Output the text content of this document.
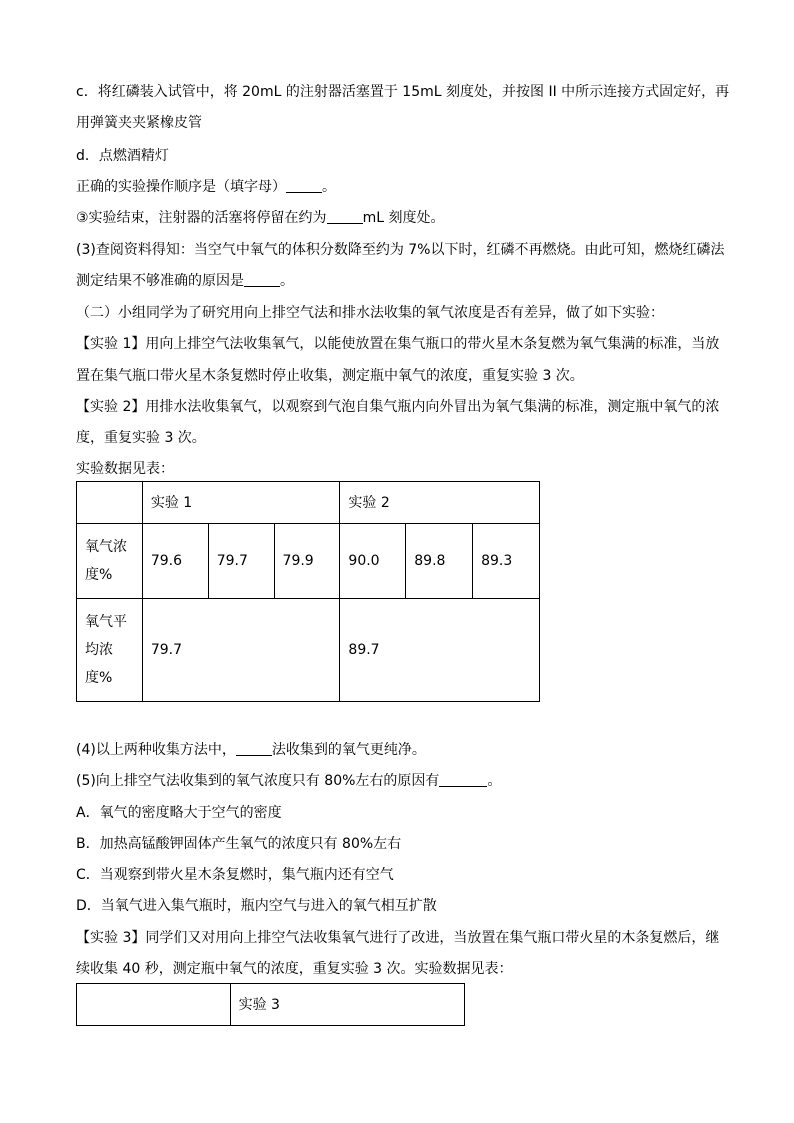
c．将红磷装入试管中，将 20mL 的注射器活塞置于 15mL 刻度处，并按图 II 中所示连接方式固定好，再
用弹簧夹夹紧橡皮管
d．点燃酒精灯
正确的实验操作顺序是（填字母）	。
③实验结束，注射器的活塞将停留在约为	mL 刻度处。
(3)查阅资料得知：当空气中氧气的体积分数降至约为 7%以下时，红磷不再燃烧。由此可知，燃烧红磷法
测定结果不够准确的原因是	。
（二）小组同学为了研究用向上排空气法和排水法收集的氧气浓度是否有差异，做了如下实验：
【实验 1】用向上排空气法收集氧气，以能使放置在集气瓶口的带火星木条复燃为氧气集满的标准，当放
置在集气瓶口带火星木条复燃时停止收集，测定瓶中氧气的浓度，重复实验 3 次。
【实验 2】用排水法收集氧气，以观察到气泡自集气瓶内向外冒出为氧气集满的标准，测定瓶中氧气的浓
度，重复实验 3 次。
实验数据见表：
	实验 1			实验 2		

氧气浓
度%	79.6	79.7	79.9	90.0	89.8	89.3

氧气平
均浓
度%	79.7			89.7		
(4)以上两种收集方法中，	法收集到的氧气更纯净。
(5)向上排空气法收集到的氧气浓度只有 80%左右的原因有	。
A．氧气的密度略大于空气的密度
B．加热高锰酸钾固体产生氧气的浓度只有 80%左右
C．当观察到带火星木条复燃时，集气瓶内还有空气
D．当氧气进入集气瓶时，瓶内空气与进入的氧气相互扩散
【实验 3】同学们又对用向上排空气法收集氧气进行了改进，当放置在集气瓶口带火星的木条复燃后，继
续收集 40 秒，测定瓶中氧气的浓度，重复实验 3 次。实验数据见表：
	实验 3
